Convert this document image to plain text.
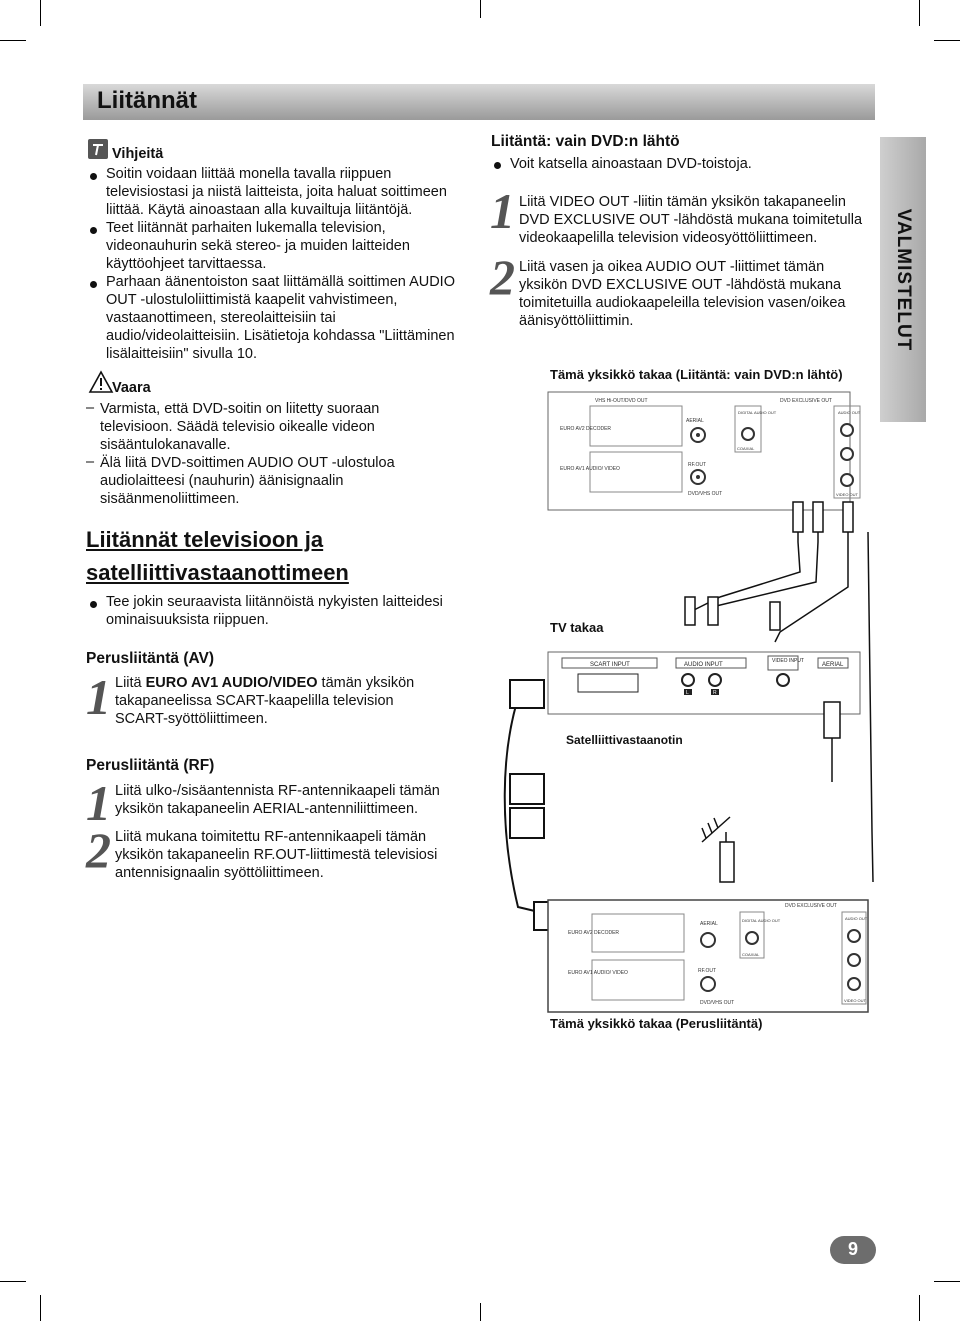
Liitännät
VALMISTELUT
Vihjeitä
Soitin voidaan liittää monella tavalla riippuen televisiostasi ja niistä laitteista, joita haluat soittimeen liittää. Käytä ainoastaan alla kuvailtuja liitäntöjä.
Teet liitännät parhaiten lukemalla television, videonauhurin sekä stereo- ja muiden laitteiden käyttöohjeet tarvittaessa.
Parhaan äänentoiston saat liittämällä soittimen AUDIO OUT -ulostuloliittimistä kaapelit vahvistimeen, vastaanottimeen, stereolaitteisiin tai audio/videolaitteisiin. Lisätietoja kohdassa "Liittäminen lisälaitteisiin" sivulla 10.
Vaara
– Varmista, että DVD-soitin on liitetty suoraan televisioon. Säädä televisio oikealle videon sisääntulokanavalle.
– Älä liitä DVD-soittimen AUDIO OUT -ulostuloa audiolaitteesi (nauhurin) äänisignaalin sisäänmenoliittimeen.
Liitännät televisioon ja
satelliittivastaanottimeen
Tee jokin seuraavista liitännöistä nykyisten laitteidesi ominaisuuksista riippuen.
Perusliitäntä (AV)
1 Liitä EURO AV1 AUDIO/VIDEO tämän yksikön takapaneelissa SCART-kaapelilla television SCART-syöttöliittimeen.
Perusliitäntä (RF)
1 Liitä ulko-/sisäantennista RF-antennikaapeli tämän yksikön takapaneelin AERIAL-antenniliittimeen.
2 Liitä mukana toimitettu RF-antennikaapeli tämän yksikön takapaneelin RF.OUT-liittimestä televisiosi antennisignaalin syöttöliittimeen.
Liitäntä: vain DVD:n lähtö
Voit katsella ainoastaan DVD-toistoja.
1 Liitä VIDEO OUT -liitin tämän yksikön takapaneelin DVD EXCLUSIVE OUT -lähdöstä mukana toimitetulla videokaapelilla television videosyöttöliittimeen.
2 Liitä vasen ja oikea AUDIO OUT -liittimet tämän yksikön DVD EXCLUSIVE OUT -lähdöstä mukana toimitetuilla audiokaapeleilla television vasen/oikea äänisyöttöliittimin.
Tämä yksikkö takaa (Liitäntä: vain DVD:n lähtö)
VHS Hi-OUT/DVD OUT	DVD EXCLUSIVE OUT
EURO AV2 DECODER
EURO AV1 AUDIO/ VIDEO
AERIAL
RF.OUT
DVD/VHS OUT
DIGITAL AUDIO OUT
COAXIAL
AUDIO OUT
VIDEO OUT
TV takaa
SCART INPUT	AUDIO INPUT
L	R
VIDEO INPUT
AERIAL
Satelliittivastaanotin
DVD EXCLUSIVE OUT
EURO AV2 DECODER
EURO AV1 AUDIO/ VIDEO
AERIAL
RF.OUT
DVD/VHS OUT
DIGITAL AUDIO OUT
COAXIAL
AUDIO OUT
VIDEO OUT
Tämä yksikkö takaa (Perusliitäntä)
9
